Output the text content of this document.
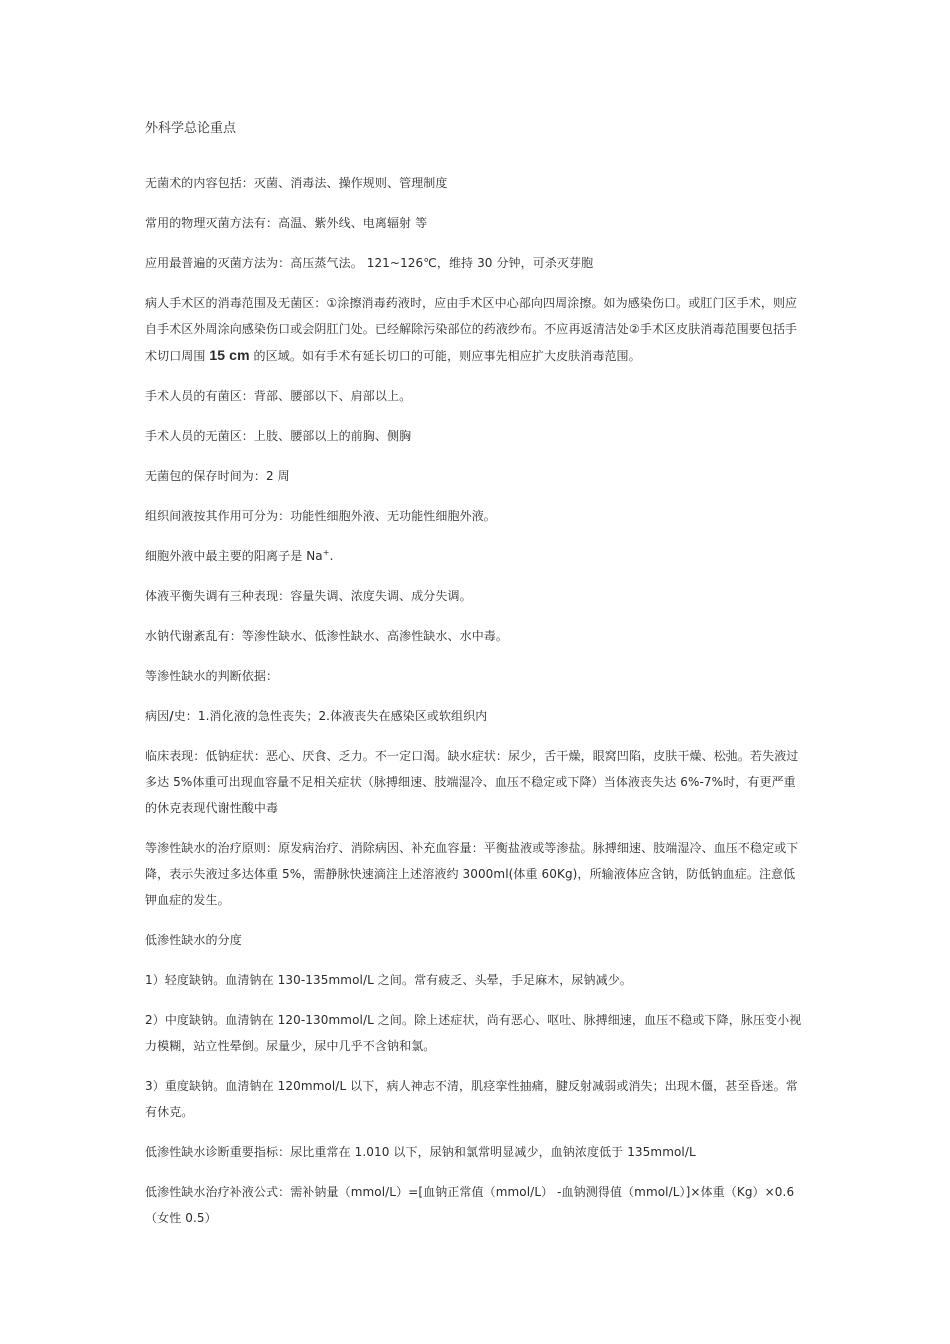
外科学总论重点
无菌术的内容包括：灭菌、消毒法、操作规则、管理制度
常用的物理灭菌方法有：高温、紫外线、电离辐射 等
应用最普遍的灭菌方法为：高压蒸气法。 121~126℃，维持 30 分钟，可杀灭芽胞
病人手术区的消毒范围及无菌区：①涂擦消毒药液时，应由手术区中心部向四周涂擦。如为感染伤口。或肛门区手术，则应自手术区外周涂向感染伤口或会阴肛门处。已经解除污染部位的药液纱布。不应再返清洁处②手术区皮肤消毒范围要包括手术切口周围 15 cm 的区域。如有手术有延长切口的可能，则应事先相应扩大皮肤消毒范围。
手术人员的有菌区：背部、腰部以下、肩部以上。
手术人员的无菌区：上肢、腰部以上的前胸、侧胸
无菌包的保存时间为：2 周
组织间液按其作用可分为：功能性细胞外液、无功能性细胞外液。
细胞外液中最主要的阳离子是 Na+.
体液平衡失调有三种表现：容量失调、浓度失调、成分失调。
水钠代谢紊乱有：等渗性缺水、低渗性缺水、高渗性缺水、水中毒。
等渗性缺水的判断依据：
病因/史：1.消化液的急性丧失；2.体液丧失在感染区或软组织内
临床表现：低钠症状：恶心、厌食、乏力。不一定口渴。缺水症状：尿少，舌干燥，眼窝凹陷，皮肤干燥、松弛。若失液过多达 5%体重可出现血容量不足相关症状（脉搏细速、肢端湿冷、血压不稳定或下降）当体液丧失达 6%-7%时，有更严重的休克表现代谢性酸中毒
等渗性缺水的治疗原则：原发病治疗、消除病因、补充血容量：平衡盐液或等渗盐。脉搏细速、肢端湿冷、血压不稳定或下降，表示失液过多达体重 5%，需静脉快速滴注上述溶液约 3000ml(体重 60Kg)，所输液体应含钠，防低钠血症。注意低钾血症的发生。
低渗性缺水的分度
1）轻度缺钠。血清钠在 130-135mmol/L 之间。常有疲乏、头晕，手足麻木，尿钠减少。
2）中度缺钠。血清钠在 120-130mmol/L 之间。除上述症状，尚有恶心、呕吐、脉搏细速，血压不稳或下降，脉压变小视力模糊，站立性晕倒。尿量少，尿中几乎不含钠和氯。
3）重度缺钠。血清钠在 120mmol/L 以下，病人神志不清，肌痉挛性抽痛，腱反射减弱或消失；出现木僵，甚至昏迷。常有休克。
低渗性缺水诊断重要指标：尿比重常在 1.010 以下，尿钠和氯常明显减少，血钠浓度低于 135mmol/L
低渗性缺水治疗补液公式：需补钠量（mmol/L）=[血钠正常值（mmol/L） -血钠测得值（mmol/L）]×体重（Kg）×0.6（女性 0.5）
